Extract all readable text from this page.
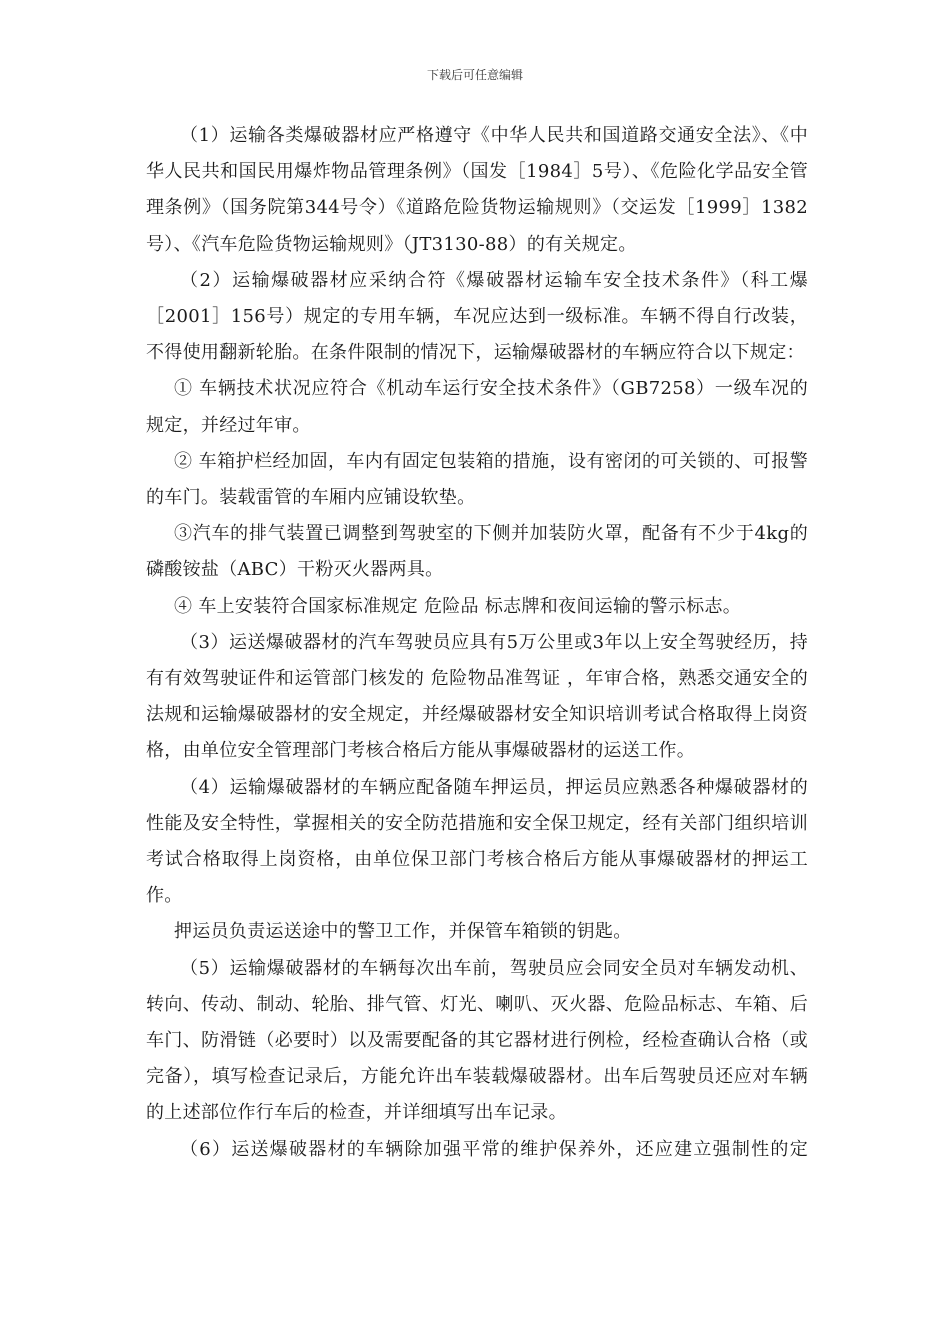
下载后可任意编辑

（1）运输各类爆破器材应严格遵守《中华人民共和国道路交通安全法》、《中华人民共和国民用爆炸物品管理条例》（国发［1984］5号）、《危险化学品安全管理条例》（国务院第344号令）《道路危险货物运输规则》（交运发［1999］1382号）、《汽车危险货物运输规则》（JT3130-88）的有关规定。

（2）运输爆破器材应采纳合符《爆破器材运输车安全技术条件》（科工爆［2001］156号）规定的专用车辆，车况应达到一级标准。车辆不得自行改装，不得使用翻新轮胎。在条件限制的情况下，运输爆破器材的车辆应符合以下规定：

① 车辆技术状况应符合《机动车运行安全技术条件》（GB7258）一级车况的规定，并经过年审。

② 车箱护栏经加固，车内有固定包装箱的措施，设有密闭的可关锁的、可报警的车门。装载雷管的车厢内应铺设软垫。

③汽车的排气装置已调整到驾驶室的下侧并加装防火罩，配备有不少于4kg的磷酸铵盐（ABC）干粉灭火器两具。

④ 车上安装符合国家标准规定 危险品 标志牌和夜间运输的警示标志。

（3）运送爆破器材的汽车驾驶员应具有5万公里或3年以上安全驾驶经历，持有有效驾驶证件和运管部门核发的 危险物品准驾证 ，年审合格，熟悉交通安全的法规和运输爆破器材的安全规定，并经爆破器材安全知识培训考试合格取得上岗资格，由单位安全管理部门考核合格后方能从事爆破器材的运送工作。

（4）运输爆破器材的车辆应配备随车押运员，押运员应熟悉各种爆破器材的性能及安全特性，掌握相关的安全防范措施和安全保卫规定，经有关部门组织培训考试合格取得上岗资格，由单位保卫部门考核合格后方能从事爆破器材的押运工作。

押运员负责运送途中的警卫工作，并保管车箱锁的钥匙。

（5）运输爆破器材的车辆每次出车前，驾驶员应会同安全员对车辆发动机、转向、传动、制动、轮胎、排气管、灯光、喇叭、灭火器、危险品标志、车箱、后车门、防滑链（必要时）以及需要配备的其它器材进行例检，经检查确认合格（或完备），填写检查记录后，方能允许出车装载爆破器材。出车后驾驶员还应对车辆的上述部位作行车后的检查，并详细填写出车记录。

（6）运送爆破器材的车辆除加强平常的维护保养外，还应建立强制性的定
